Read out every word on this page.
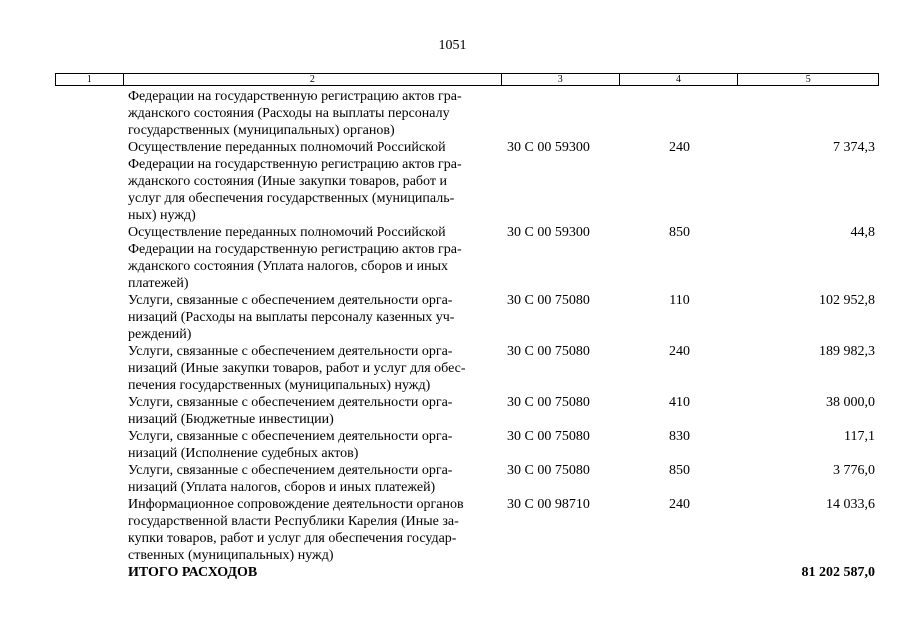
1051
1	2	3	4	5
Федерации на государственную регистрацию актов гра-
жданского состояния (Расходы на выплаты персоналу
государственных (муниципальных) органов)
Осуществление переданных полномочий Российской
Федерации на государственную регистрацию актов гра-
жданского состояния (Иные закупки товаров, работ и
услуг для обеспечения государственных (муниципаль-
ных) нужд)
30 С 00 59300	240	7 374,3
Осуществление переданных полномочий Российской
Федерации на государственную регистрацию актов гра-
жданского состояния (Уплата налогов, сборов и иных
платежей)
30 С 00 59300	850	44,8
Услуги, связанные с обеспечением деятельности орга-
низаций (Расходы на выплаты персоналу казенных уч-
реждений)
30 С 00 75080	110	102 952,8
Услуги, связанные с обеспечением деятельности орга-
низаций (Иные закупки товаров, работ и услуг для обес-
печения государственных (муниципальных) нужд)
30 С 00 75080	240	189 982,3
Услуги, связанные с обеспечением деятельности орга-
низаций (Бюджетные инвестиции)
30 С 00 75080	410	38 000,0
Услуги, связанные с обеспечением деятельности орга-
низаций (Исполнение судебных актов)
30 С 00 75080	830	117,1
Услуги, связанные с обеспечением деятельности орга-
низаций (Уплата налогов, сборов и иных платежей)
30 С 00 75080	850	3 776,0
Информационное сопровождение деятельности органов
государственной власти Республики Карелия (Иные за-
купки товаров, работ и услуг для обеспечения государ-
ственных (муниципальных) нужд)
30 С 00 98710	240	14 033,6
ИТОГО РАСХОДОВ	81 202 587,0
